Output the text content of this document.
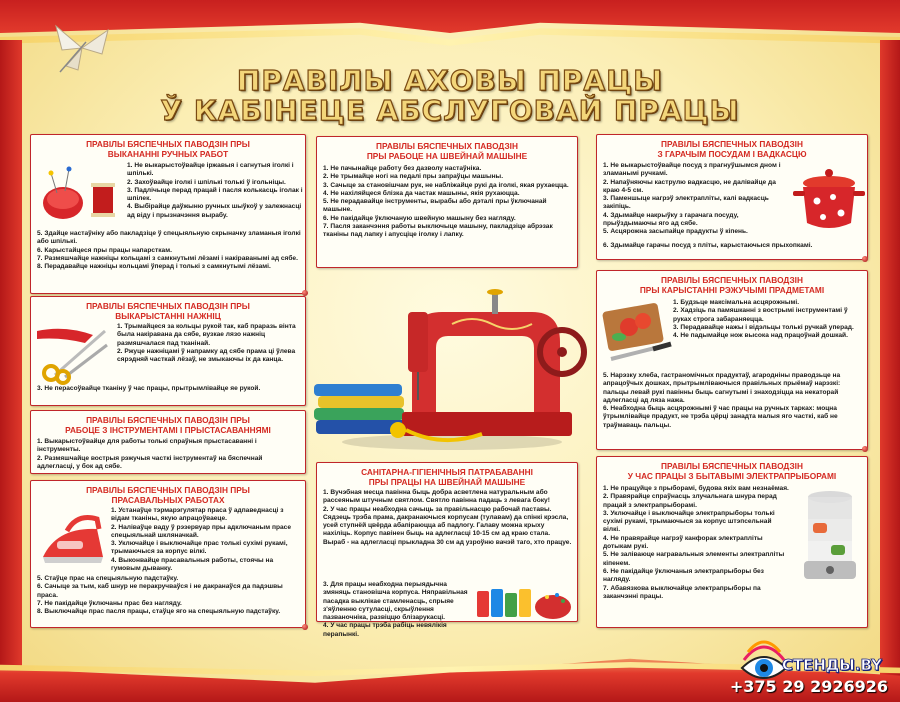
ПРАВІЛЫ АХОВЫ ПРАЦЫ
Ў КАБІНЕЦЕ АБСЛУГОВАЙ ПРАЦЫ
ПРАВІЛЫ БЯСПЕЧНЫХ ПАВОДЗІН ПРЫ
ВЫКАНАННІ РУЧНЫХ РАБОТ
1. Не выкарыстоўвайце іржавыя і сагнутыя іголкі і шпількі.
2. Захоўвайце іголкі і шпількі толькі ў ігольніцы.
3. Падлічыце перад працай і пасля колькасць іголак і шпілек.
4. Выбірайце даўжыню ручных шыўкоў у залежнасці ад віду і прызначэння вырабу.
5. Здайце настаўніку або пакладзіце ў спецыяльную скрыначку зламаныя іголкі або шпількі.
6. Карыстайцеся пры працы напарсткам.
7. Размяшчайце нажніцы кольцамі з самкнутымі лёзамі і накіраванымі ад сябе.
8. Перадавайце нажніцы кольцамі ўперад і толькі з самкнутымі лёзамі.
ПРАВІЛЫ БЯСПЕЧНЫХ ПАВОДЗІН
ПРЫ РАБОЦЕ НА ШВЕЙНАЙ МАШЫНЕ
1. Не пачынайце работу без дазволу настаўніка.
2. Не трымайце ногі на педалі пры запраўцы машыны.
3. Сачыце за становішчам рук, не набліжайце рукі да іголкі, якая рухаецца.
4. Не нахіляйцеся блізка да частак машыны, якія рухаюцца.
5. Не перадавайце інструменты, вырабы або дэталі пры ўключанай машыне.
6. Не пакідайце ўключаную швейную машыну без нагляду.
7. Пасля заканчэння работы выключыце машыну, пакладзіце абрэзак тканіны пад лапку і апусціце іголку і лапку.
ПРАВІЛЫ БЯСПЕЧНЫХ ПАВОДЗІН
З ГАРАЧЫМ ПОСУДАМ І ВАДКАСЦЮ
1. Не выкарыстоўвайце посуд з прагнуўшымся дном і зламанымі ручкамі.
2. Напаўняючы каструлю вадкасцю, не далівайце да краю 4-5 см.
3. Паменшыце нагрэў электрапліты, калі вадкасць закіпіць.
4. Здымайце накрыўку з гарачага посуду, прыўздымаючы яго ад сябе.
5. Асцярожна засыпайце прадукты ў кіпень.
6. Здымайце гарачы посуд з пліты, карыстаючыся прыхопкамі.
ПРАВІЛЫ БЯСПЕЧНЫХ ПАВОДЗІН ПРЫ
ВЫКАРЫСТАННІ НАЖНІЦ
1. Трымайцеся за кольцы рукой так, каб праразь вінта была накіравана да сябе, вузкае лязо нажніц размяшчалася пад тканінай.
2. Ржуце нажніцамі ў напрамку ад сябе прама ці ўлева сярэдняй часткай лёзаў, не змыкаючы іх да канца.
3. Не перасоўвайце тканіну ў час працы, прытрымлівайце яе рукой.
ПРАВІЛЫ БЯСПЕЧНЫХ ПАВОДЗІН
ПРЫ КАРЫСТАННІ РЭЖУЧЫМІ ПРАДМЕТАМІ
1. Будзьце максімальна асцярожнымі.
2. Хадзіць па памяшканні з вострымі інструментамі ў руках строга забараняецца.
3. Перадавайце нажы і відэльцы толькі ручкай уперад.
4. Не падымайце нож высока над працоўнай дошкай.
5. Нарэзку хлеба, гастраномічных прадуктаў, агароднiны праводзьце на апрацоўчых дошках, прытрымліваючыся правільных прыёмаў нарэзкі: пальцы левай рукі павінны быць сагнутымі і знаходзіцца на некаторай адлегласці ад ляза нажа.
6. Неабходна быць асцярожнымі ў час працы на ручных тарках: моцна ўтрымлівайце прадукт, не трэба цёрці занадта малыя яго часткі, каб не траўмаваць пальцы.
ПРАВІЛЫ БЯСПЕЧНЫХ ПАВОДЗІН ПРЫ
РАБОЦЕ З ІНСТРУМЕНТАМІ І ПРЫСТАСАВАННЯМІ
1. Выкарыстоўвайце для работы толькі спраўныя прыстасаванні і інструменты.
2. Размяшчайце вострыя рэжучыя часткі інструментаў на бяспечнай адлегласці, у бок ад сябе.
ПРАВІЛЫ БЯСПЕЧНЫХ ПАВОДЗІН ПРЫ
ПРАСАВАЛЬНЫХ РАБОТАХ
1. Устанаўце тэрмарэгулятар праса ў адпаведнасці з відам тканіны, якую апрацоўваеце.
2. Наліваўце ваду ў рэзервуар пры адключаным прасе спецыяльнай шкляначкай.
3. Уключайце і выключайце прас толькі сухімі рукамі, трымаючыся за корпус вілкі.
4. Выконвайце прасавальныя работы, стоячы на гумовым дыванку.
5. Стаўце прас на спецыяльную падстаўку.
6. Сачыце за тым, каб шнур не перакручваўся і не дакранаўся да падэшвы праса.
7. Не пакідайце ўключаны прас без нагляду.
8. Выключайце прас пасля працы, стаўце яго на спецыяльную падстаўку.
САНІТАРНА-ГІГІЕНІЧНЫЯ ПАТРАБАВАННІ
ПРЫ ПРАЦЫ НА ШВЕЙНАЙ МАШЫНЕ
1. Вучэбная месца павінна быць добра асветлена натуральным або рассеяным штучным святлом. Святло павінна падаць з левага боку!
2. У час працы неабходна сачыць за правільнасцю рабочай паставы. Сядзець трэба прама, дакранаючыся корпусам (тулавам) да спінкі крэсла, усей ступнёй цвёрда абапіраюцца аб падлогу. Галаву можна крыху нахіліць. Корпус павінен быць на адлегласці 10-15 см ад краю стала. Выраб - на адлегласці прыкладна 30 см ад узроўню вачэй таго, хто працуе.
3. Для працы неабходна перыядычна змяняць становішча корпуса. Няправільная пасадка выклікае стамленасць, спрыяе з'яўленню сутуласці, скрыўлення пазваночніка, развіццю блізарукасці.
4. У час працы трэба рабіць невялікія перапынкі.
ПРАВІЛЫ БЯСПЕЧНЫХ ПАВОДЗІН
У ЧАС ПРАЦЫ З БЫТАВЫМІ ЭЛЕКТРАПРЫБОРАМІ
1. Не працуйце з прыборамі, будова якіх вам незнаёмая.
2. Правярайце спраўнасць злучальнага шнура перад працай з электрапрыборамі.
3. Уключайце і выключайце электрапрыборы толькі сухімі рукамі, трымаючыся за корпус штэпсельнай вілкі.
4. Не правярайце нагрэў канфорак электрапліты дотыкам рукі.
5. Не заліваюце награвальныя элементы электрапліты кіпенем.
6. Не пакідайце ўключаныя электрапрыборы без нагляду.
7. Абавязкова выключайце электрапрыборы па заканчэнні працы.
СТЕНДЫ.BY
+375 29 2926926
